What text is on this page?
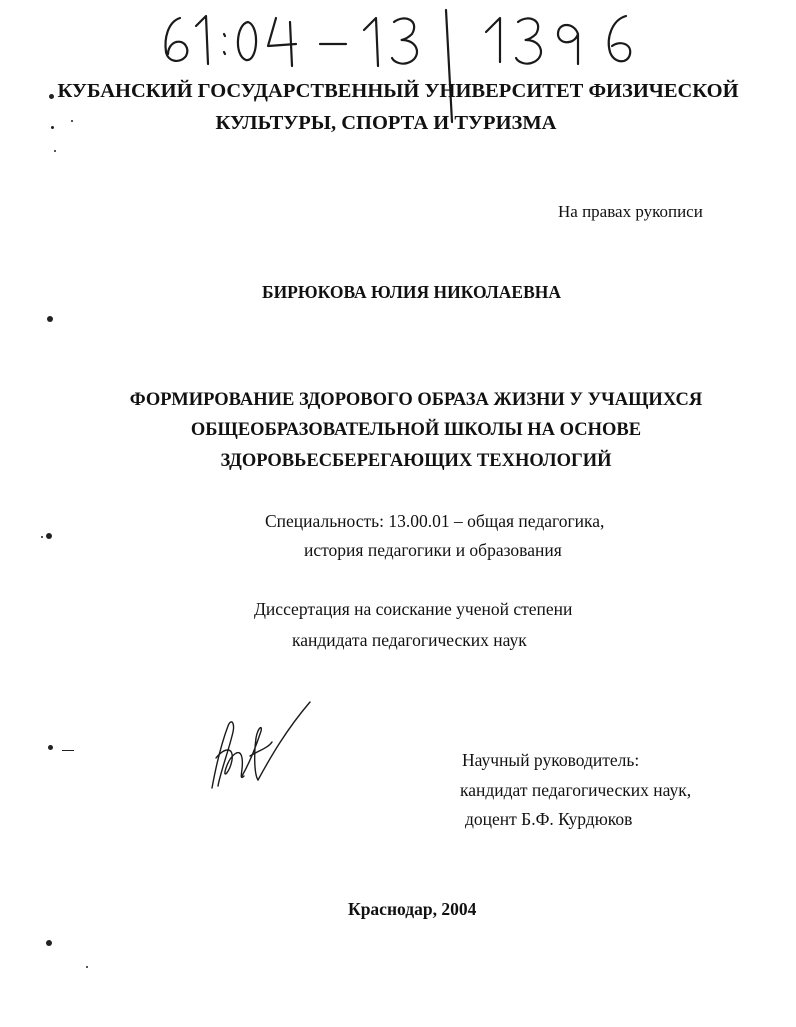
КУБАНСКИЙ ГОСУДАРСТВЕННЫЙ УНИВЕРСИТЕТ ФИЗИЧЕСКОЙ
КУЛЬТУРЫ, СПОРТА И ТУРИЗМА
На правах рукописи
БИРЮКОВА ЮЛИЯ НИКОЛАЕВНА
ФОРМИРОВАНИЕ ЗДОРОВОГО ОБРАЗА ЖИЗНИ У УЧАЩИХСЯ
ОБЩЕОБРАЗОВАТЕЛЬНОЙ ШКОЛЫ НА ОСНОВЕ
ЗДОРОВЬЕСБЕРЕГАЮЩИХ ТЕХНОЛОГИЙ
Специальность: 13.00.01 – общая педагогика,
история педагогики и образования
Диссертация на соискание ученой степени
кандидата педагогических наук
Научный руководитель:
кандидат педагогических наук,
доцент Б.Ф. Курдюков
Краснодар, 2004
